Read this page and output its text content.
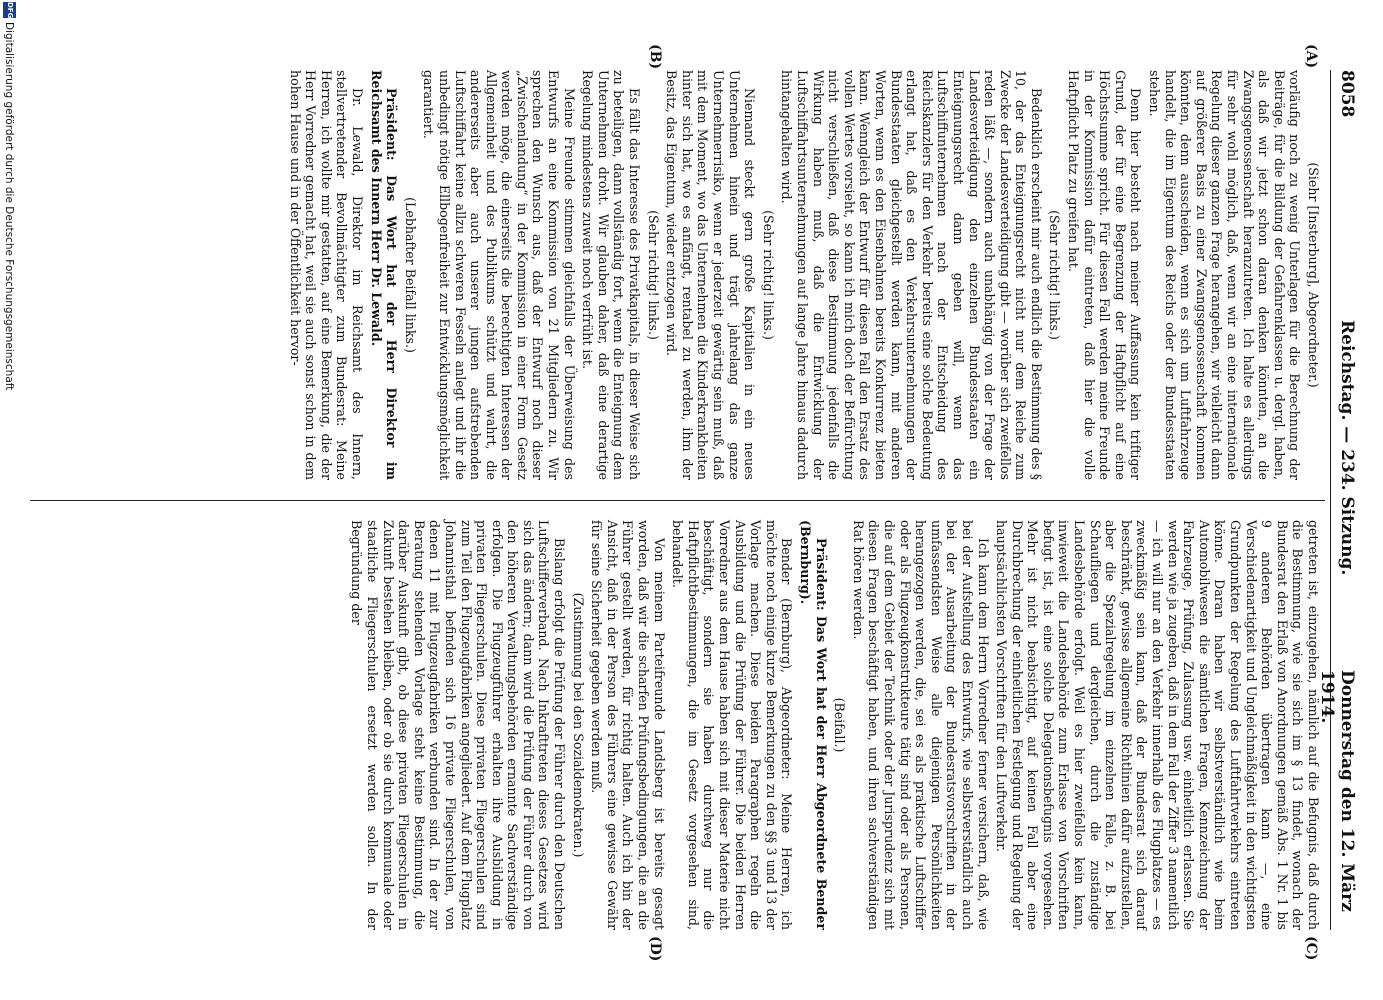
8058
Reichstag. — 234. Sitzung.
Donnerstag den 12. März 1914.
(A)
(B)
(C)
(D)

(Siehr [Insterburg], Abgeordneter.)

vorläufig noch zu wenig Unterlagen für die Berechnung der Beiträge, für die Bildung der Gefahrenklassen u. dergl. haben, als daß wir jetzt schon daran denken könnten, an die Zwangsgenossenschaft heranzutreten. Ich halte es allerdings für sehr wohl möglich, daß, wenn wir an eine internationale Regelung dieser ganzen Frage herangehen, wir vielleicht dann auf größerer Basis zu einer Zwangsgenossenschaft kommen könnten, denn ausscheiden, wenn es sich um Luftfahrzeuge handelt, die im Eigentum des Reichs oder der Bundesstaaten stehen.

Denn hier besteht nach meiner Auffassung kein triftiger Grund, der für eine Begrenzung der Haftpflicht auf eine Höchstsumme spricht. Für diesen Fall werden meine Freunde in der Kommission dafür eintreten, daß hier die volle Haftpflicht Platz zu greifen hat.

(Sehr richtig! links.)

Bedenklich erscheint mir auch endlich die Bestimmung des § 10, der das Enteignungsrecht nicht nur dem Reiche zum Zwecke der Landesverteidigung gibt — worüber sich zweifellos reden läßt —, sondern auch unabhängig von der Frage der Landesverteidigung den einzelnen Bundesstaaten ein Enteignungsrecht dann geben will, wenn das Luftschiffunternehmen nach der Entscheidung des Reichskanzlers für den Verkehr bereits eine solche Bedeutung erlangt hat, daß es den Verkehrsunternehmungen der Bundesstaaten gleichgestellt werden kann, mit anderen Worten, wenn es den Eisenbahnen bereits Konkurrenz bieten kann. Wenngleich der Entwurf für diesen Fall den Ersatz des vollen Wertes vorsieht, so kann ich mich doch der Befürchtung nicht verschließen, daß diese Bestimmung jedenfalls die Wirkung haben muß, daß die Entwicklung der Luftschiffahrtsunternehmungen auf lange Jahre hinaus dadurch hintangehalten wird.

(Sehr richtig! links.)

Niemand steckt gern große Kapitalien in ein neues Unternehmen hinein und trägt jahrelang das ganze Unternehmerrisiko, wenn er jederzeit gewärtig sein muß, daß mit dem Moment, wo das Unternehmen die Kinderkrankheiten hinter sich hat, wo es anfängt, rentabel zu werden, ihm der Besitz, das Eigentum, wieder entzogen wird.

(Sehr richtig! links.)

Es fällt das Interesse des Privatkapitals, in dieser Weise sich zu beteiligen, dann vollständig fort, wenn die Enteignung dem Unternehmen droht. Wir glauben daher, daß eine derartige Regelung mindestens zuweit noch verfrüht ist.

Meine Freunde stimmen gleichfalls der Überweisung des Entwurfs an eine Kommission von 21 Mitgliedern zu. Wir sprechen den Wunsch aus, daß der Entwurf noch dieser „Zwischenlandung“ in der Kommission in einer Form Gesetz werden möge, die einerseits die berechtigten Interessen der Allgemeinheit und des Publikums schützt und wahrt, die andererseits aber auch unserer jungen aufstrebenden Luftschiffahrt keine allzu schweren Fesseln anlegt und ihr die unbedingt nötige Ellbogenfreiheit zur Entwicklungsmöglichkeit garantiert.

(Lebhafter Beifall links.)

Präsident: Das Wort hat der Herr Direktor im Reichsamt des Innern Herr Dr. Lewald.

Dr. Lewald, Direktor im Reichsamt des Innern, stellvertretender Bevollmächtigter zum Bundesrat: Meine Herren, ich wollte mir gestatten, auf eine Bemerkung, die der Herr Vorredner gemacht hat, weil sie auch sonst schon in dem hohen Hause und in der Öffentlichkeit hervor-

getreten ist, einzugehen, nämlich auf die Befugnis, daß durch die Bestimmung, wie sie sich im § 13 findet, wonach der Bundesrat den Erlaß von Anordnungen gemäß Abs. 1 Nr. 1 bis 9 anderen Behörden übertragen kann —, eine Verschiedenartigkeit und Ungleichmäßigkeit in den wichtigsten Grundpunkten der Regelung des Luftfahrtverkehrs eintreten könne. Daran haben wir selbstverständlich wie beim Automobilwesen die sämtlichen Fragen, Kennzeichnung der Fahrzeuge, Prüfung, Zulassung usw. einheitlich erlassen. Sie werden wie ja zugeben, daß in dem Fall der Ziffer 3 namentlich — ich will nur an den Verkehr innerhalb des Flugplatzes — es zweckmäßig sein kann, daß der Bundesrat sich darauf beschränkt, gewisse allgemeine Richtlinien dafür aufzustellen, aber die Spezialregelung im einzelnen Falle, z. B. bei Schaufliegen und dergleichen, durch die zuständige Landesbehörde erfolgt. Weil es hier zweifellos kein kann, inwieweit die Landesbehörde zum Erlasse von Vorschriften befugt ist, ist eine solche Delegationsbefugnis vorgesehen. Mehr ist nicht beabsichtigt, auf keinen Fall aber eine Durchbrechung der einheitlichen Festlegung und Regelung der hauptsächlichsten Vorschriften für den Luftverkehr.

Ich kann dem Herrn Vorredner ferner versichern, daß, wie bei der Aufstellung des Entwurfs, wie selbstverständlich auch bei der Ausarbeitung der Bundesratsvorschriften in der umfassendsten Weise alle diejenigen Persönlichkeiten herangezogen werden, die, sei es als praktische Luftschiffer oder als Flugzeugkonstrukteure tätig sind oder als Personen, die auf dem Gebiet der Technik oder der Jurisprudenz sich mit diesen Fragen beschäftigt haben, und ihren sachverständigen Rat hören werden.

(Beifall.)

Präsident: Das Wort hat der Herr Abgeordnete Bender (Bernburg).

Bender (Bernburg), Abgeordneter: Meine Herren, ich möchte noch einige kurze Bemerkungen zu den §§ 3 und 13 der Vorlage machen. Diese beiden Paragraphen regeln die Ausbildung und die Prüfung der Führer. Die beiden Herren Vorredner aus dem Hause haben sich mit dieser Materie nicht beschäftigt, sondern sie haben durchweg nur die Haftpflichtbestimmungen, die im Gesetz vorgesehen sind, behandelt.

Von meinem Parteifreunde Landsberg ist bereits gesagt worden, daß wir die scharfen Prüfungsbedingungen, die an die Führer gestellt werden, für richtig halten. Auch ich bin der Ansicht, daß in der Person des Führers eine gewisse Gewähr für seine Sicherheit gegeben werden muß.

(Zustimmung bei den Sozialdemokraten.)

Bislang erfolgt die Prüfung der Führer durch den Deutschen Luftschifferverband. Nach Inkrafttreten dieses Gesetzes wird sich das ändern; dann wird die Prüfung der Führer durch von den höheren Verwaltungsbehörden ernannte Sachverständige erfolgen. Die Flugzeugführer erhalten ihre Ausbildung in privaten Fliegerschulen. Diese privaten Fliegerschulen sind zum Teil den Flugzeugfabriken angegliedert. Auf dem Flugplatz Johannisthal befinden sich 16 private Fliegerschulen, von denen 11 mit Flugzeugfabriken verbunden sind. In der zur Beratung stehenden Vorlage steht keine Bestimmung, die darüber Auskunft gibt, ob diese privaten Fliegerschulen in Zukunft bestehen bleiben, oder ob sie durch kommunale oder staatliche Fliegerschulen ersetzt werden sollen. In der Begründung der

DFG
Digitalisierung gefördert durch die Deutsche Forschungsgemeinschaft
